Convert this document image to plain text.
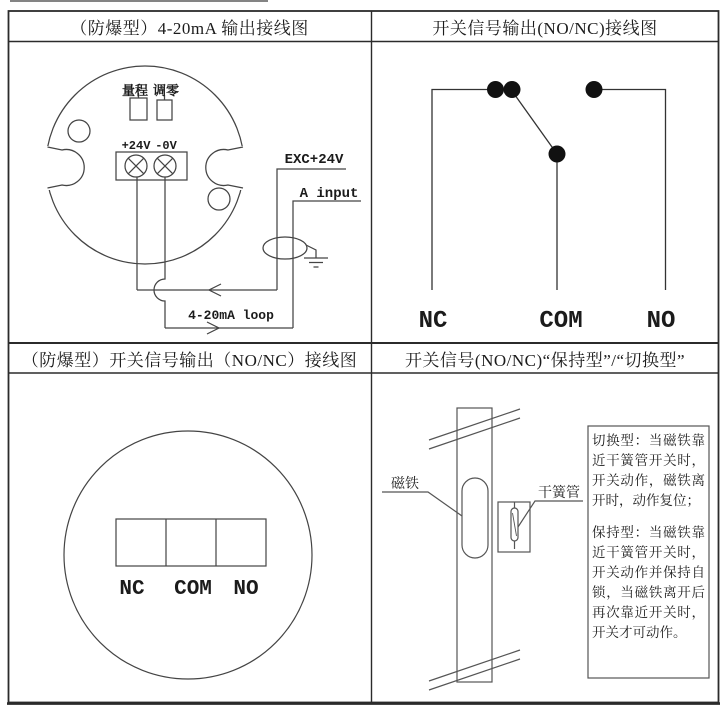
（防爆型）4-20mA 输出接线图	开关信号输出(NO/NC)接线图
（防爆型）开关信号输出（NO/NC）接线图	开关信号(NO/NC)“保持型”/“切换型”
量程 调零
+24V -0V
EXC+24V
A input
4-20mA loop	NC	COM	NO
NC COM NO
磁铁
干簧管

切换型：当磁铁靠近干簧管开关时，开关动作，磁铁离开时，动作复位；

保持型：当磁铁靠近干簧管开关时，开关动作并保持自锁，当磁铁离开后再次靠近开关时，开关才可动作。
